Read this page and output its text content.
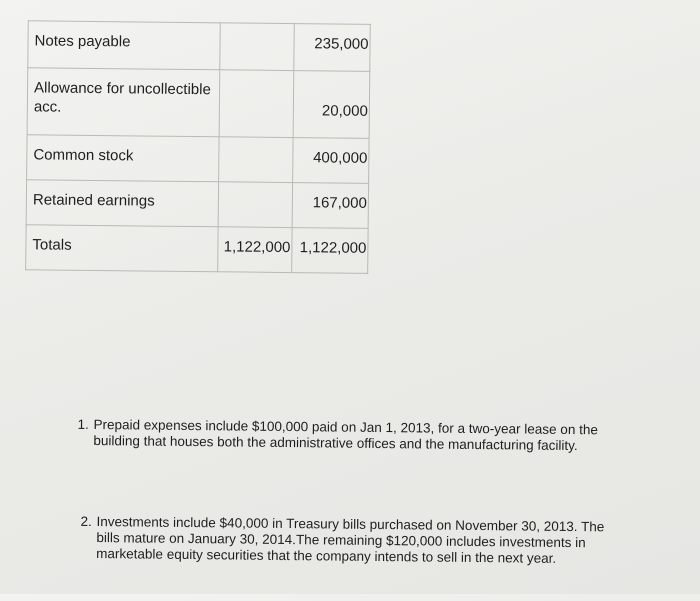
Notes payable		235,000

Allowance for uncollectible acc.		20,000

Common stock		400,000

Retained earnings		167,000

Totals	1,122,000	1,122,000
1. Prepaid expenses include $100,000 paid on Jan 1, 2013, for a two-year lease on the building that houses both the administrative offices and the manufacturing facility.
2. Investments include $40,000 in Treasury bills purchased on November 30, 2013. The bills mature on January 30, 2014.The remaining $120,000 includes investments in marketable equity securities that the company intends to sell in the next year.
